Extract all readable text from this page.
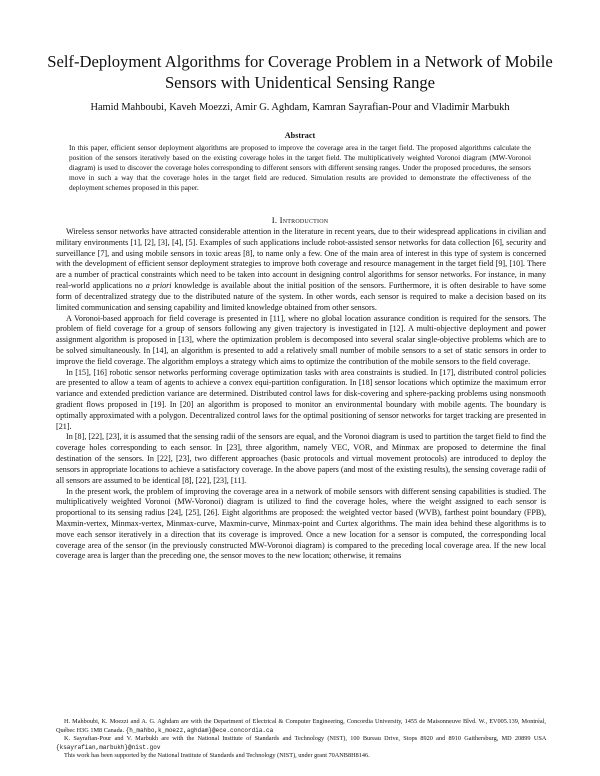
Self-Deployment Algorithms for Coverage Problem in a Network of Mobile Sensors with Unidentical Sensing Range
Hamid Mahboubi, Kaveh Moezzi, Amir G. Aghdam, Kamran Sayrafian-Pour and Vladimir Marbukh
Abstract
In this paper, efficient sensor deployment algorithms are proposed to improve the coverage area in the target field. The proposed algorithms calculate the position of the sensors iteratively based on the existing coverage holes in the target field. The multiplicatively weighted Voronoi diagram (MW-Voronoi diagram) is used to discover the coverage holes corresponding to different sensors with different sensing ranges. Under the proposed procedures, the sensors move in such a way that the coverage holes in the target field are reduced. Simulation results are provided to demonstrate the effectiveness of the deployment schemes proposed in this paper.
I. Introduction

Wireless sensor networks have attracted considerable attention in the literature in recent years, due to their widespread applications in civilian and military environments [1], [2], [3], [4], [5]. Examples of such applications include robot-assisted sensor networks for data collection [6], security and surveillance [7], and using mobile sensors in toxic areas [8], to name only a few. One of the main area of interest in this type of system is concerned with the development of efficient sensor deployment strategies to improve both coverage and resource management in the target field [9], [10]. There are a number of practical constraints which need to be taken into account in designing control algorithms for sensor networks. For instance, in many real-world applications no a priori knowledge is available about the initial position of the sensors. Furthermore, it is often desirable to have some form of decentralized strategy due to the distributed nature of the system. In other words, each sensor is required to make a decision based on its limited communication and sensing capability and limited knowledge obtained from other sensors.

A Voronoi-based approach for field coverage is presented in [11], where no global location assurance condition is required for the sensors. The problem of field coverage for a group of sensors following any given trajectory is investigated in [12]. A multi-objective deployment and power assignment algorithm is proposed in [13], where the optimization problem is decomposed into several scalar single-objective problems which are to be solved simultaneously. In [14], an algorithm is presented to add a relatively small number of mobile sensors to a set of static sensors in order to improve the field coverage. The algorithm employs a strategy which aims to optimize the contribution of the mobile sensors to the field coverage.

In [15], [16] robotic sensor networks performing coverage optimization tasks with area constraints is studied. In [17], distributed control policies are presented to allow a team of agents to achieve a convex equi-partition configuration. In [18] sensor locations which optimize the maximum error variance and extended prediction variance are determined. Distributed control laws for disk-covering and sphere-packing problems using nonsmooth gradient flows proposed in [19]. In [20] an algorithm is proposed to monitor an environmental boundary with mobile agents. The boundary is optimally approximated with a polygon. Decentralized control laws for the optimal positioning of sensor networks for target tracking are presented in [21].

In [8], [22], [23], it is assumed that the sensing radii of the sensors are equal, and the Voronoi diagram is used to partition the target field to find the coverage holes corresponding to each sensor. In [23], three algorithm, namely VEC, VOR, and Minmax are proposed to determine the final destination of the sensors. In [22], [23], two different approaches (basic protocols and virtual movement protocols) are introduced to deploy the sensors in appropriate locations to achieve a satisfactory coverage. In the above papers (and most of the existing results), the sensing coverage radii of all sensors are assumed to be identical [8], [22], [23], [11].

In the present work, the problem of improving the coverage area in a network of mobile sensors with different sensing capabilities is studied. The multiplicatively weighted Voronoi (MW-Voronoi) diagram is utilized to find the coverage holes, where the weight assigned to each sensor is proportional to its sensing radius [24], [25], [26]. Eight algorithms are proposed: the weighted vector based (WVB), farthest point boundary (FPB), Maxmin-vertex, Minmax-vertex, Minmax-curve, Maxmin-curve, Minmax-point and Curtex algorithms. The main idea behind these algorithms is to move each sensor iteratively in a direction that its coverage is improved. Once a new location for a sensor is computed, the corresponding local coverage area of the sensor (in the previously constructed MW-Voronoi diagram) is compared to the preceding local coverage area. If the new local coverage area is larger than the preceding one, the sensor moves to the new location; otherwise, it remains

H. Mahboubi, K. Moezzi and A. G. Aghdam are with the Department of Electrical & Computer Engineering, Concordia University, 1455 de Maisonneuve Blvd. W., EV005.139, Montréal, Québec H3G 1M8 Canada. {h_mahbo,k_moezz,aghdam}@ece.concordia.ca

K. Sayrafian-Pour and V. Marbukh are with the National Institute of Standards and Technology (NIST), 100 Bureau Drive, Stops 8920 and 8910 Gaithersburg, MD 20899 USA {ksayrafian,marbukh}@nist.gov

This work has been supported by the National Institute of Standards and Technology (NIST), under grant 70ANB8H8146.
